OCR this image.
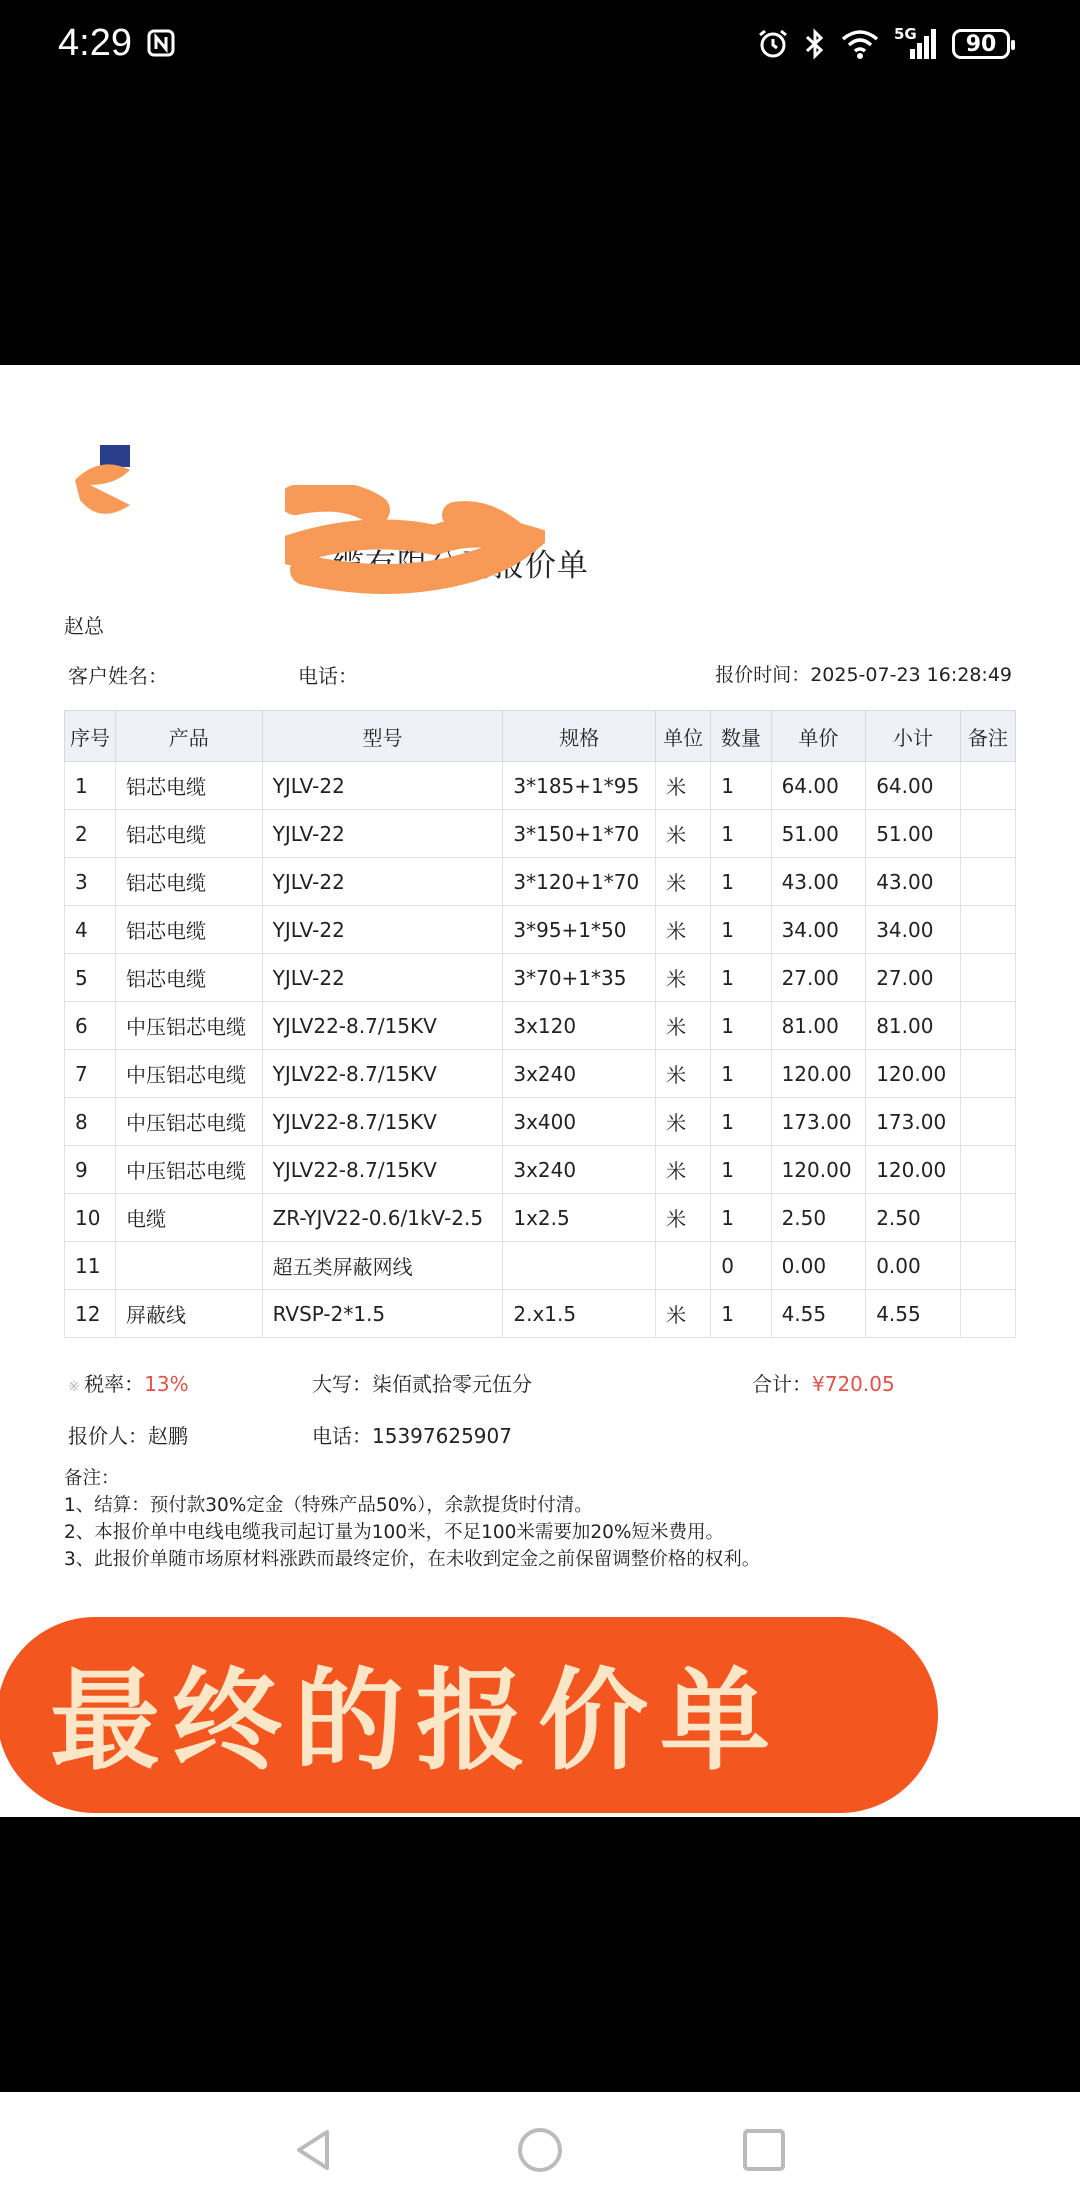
4:29	5G 90
线 缆有限公司报价单
赵总
客户姓名：	电话：	报价时间：2025-07-23 16:28:49
序号	产品	型号	规格	单位	数量	单价	小计	备注
1	铝芯电缆	YJLV-22	3*185+1*95	米	1	64.00	64.00	
2	铝芯电缆	YJLV-22	3*150+1*70	米	1	51.00	51.00	
3	铝芯电缆	YJLV-22	3*120+1*70	米	1	43.00	43.00	
4	铝芯电缆	YJLV-22	3*95+1*50	米	1	34.00	34.00	
5	铝芯电缆	YJLV-22	3*70+1*35	米	1	27.00	27.00	
6	中压铝芯电缆	YJLV22-8.7/15KV	3x120	米	1	81.00	81.00	
7	中压铝芯电缆	YJLV22-8.7/15KV	3x240	米	1	120.00	120.00	
8	中压铝芯电缆	YJLV22-8.7/15KV	3x400	米	1	173.00	173.00	
9	中压铝芯电缆	YJLV22-8.7/15KV	3x240	米	1	120.00	120.00	
10	电缆	ZR-YJV22-0.6/1kV-2.5	1x2.5	米	1	2.50	2.50	
11		超五类屏蔽网线			0	0.00	0.00	
12	屏蔽线	RVSP-2*1.5	2.x1.5	米	1	4.55	4.55	
※ 税率：13%	大写：柒佰贰拾零元伍分	合计：¥720.05
报价人：赵鹏	电话：15397625907
备注：
1、结算：预付款30%定金（特殊产品50%），余款提货时付清。
2、本报价单中电线电缆我司起订量为100米，不足100米需要加20%短米费用。
3、此报价单随市场原材料涨跌而最终定价，在未收到定金之前保留调整价格的权利。
最终的报价单
